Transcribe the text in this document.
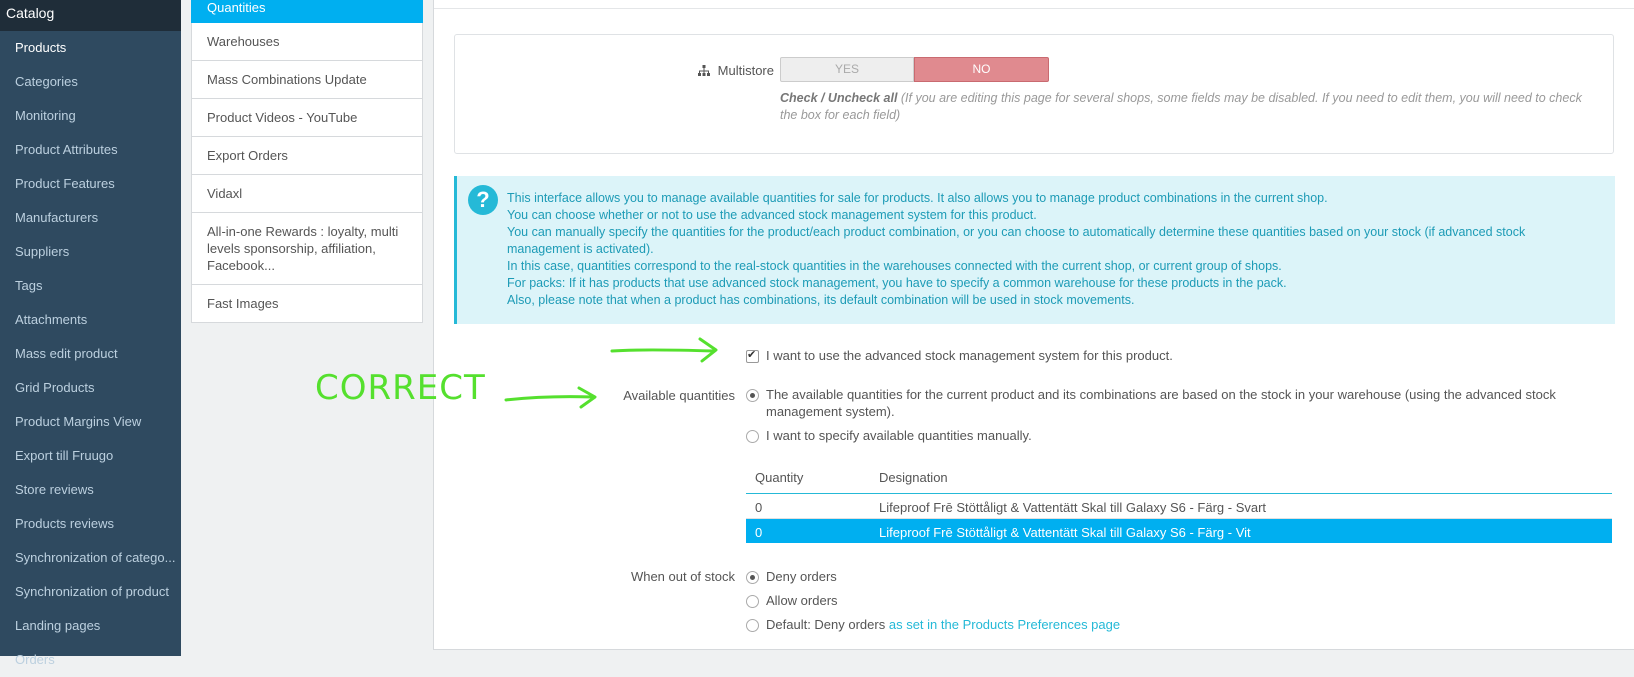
Catalog
Products
Categories
Monitoring
Product Attributes
Product Features
Manufacturers
Suppliers
Tags
Attachments
Mass edit product
Grid Products
Product Margins View
Export till Fruugo
Store reviews
Products reviews
Synchronization of catego...
Synchronization of product
Landing pages
Orders
Quantities
Warehouses
Mass Combinations Update
Product Videos - YouTube
Export Orders
Vidaxl
All-in-one Rewards : loyalty, multi levels sponsorship, affiliation, Facebook...
Fast Images
Multistore	YES	NO
Check / Uncheck all (If you are editing this page for several shops, some fields may be disabled. If you need to edit them, you will need to check the box for each field)
?	This interface allows you to manage available quantities for sale for products. It also allows you to manage product combinations in the current shop.
You can choose whether or not to use the advanced stock management system for this product.
You can manually specify the quantities for the product/each product combination, or you can choose to automatically determine these quantities based on your stock (if advanced stock management is activated).
In this case, quantities correspond to the real-stock quantities in the warehouses connected with the current shop, or current group of shops.
For packs: If it has products that use advanced stock management, you have to specify a common warehouse for these products in the pack.
Also, please note that when a product has combinations, its default combination will be used in stock movements.
CORRECT
✔
I want to use the advanced stock management system for this product.
Available quantities The available quantities for the current product and its combinations are based on the stock in your warehouse (using the advanced stock management system).
I want to specify available quantities manually.
Quantity	Designation
0	Lifeproof Frē Stöttåligt & Vattentätt Skal till Galaxy S6 - Färg - Svart
0	Lifeproof Frē Stöttåligt & Vattentätt Skal till Galaxy S6 - Färg - Vit
When out of stock Deny orders
Allow orders
Default: Deny orders as set in the Products Preferences page
